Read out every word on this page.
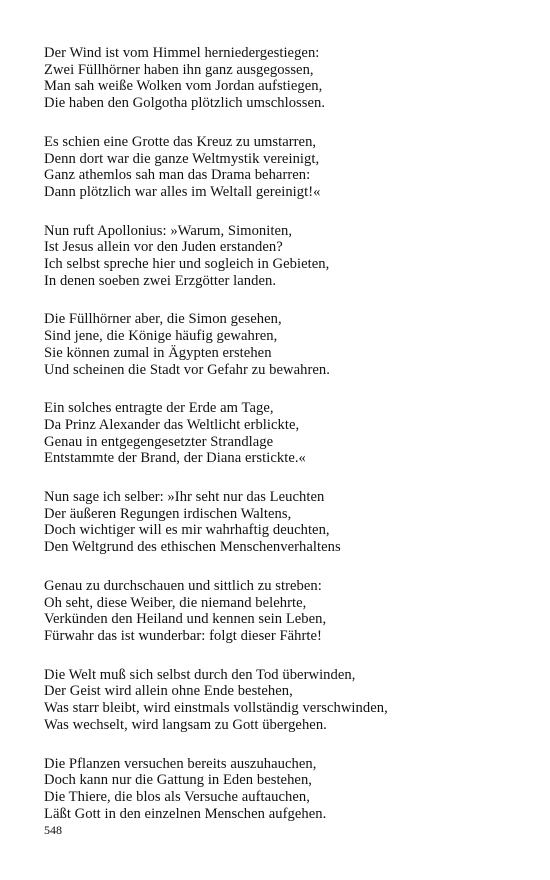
Der Wind ist vom Himmel herniedergestiegen:
Zwei Füllhörner haben ihn ganz ausgegossen,
Man sah weiße Wolken vom Jordan aufstiegen,
Die haben den Golgotha plötzlich umschlossen.
Es schien eine Grotte das Kreuz zu umstarren,
Denn dort war die ganze Weltmystik vereinigt,
Ganz athemlos sah man das Drama beharren:
Dann plötzlich war alles im Weltall gereinigt!«
Nun ruft Apollonius: »Warum, Simoniten,
Ist Jesus allein vor den Juden erstanden?
Ich selbst spreche hier und sogleich in Gebieten,
In denen soeben zwei Erzgötter landen.
Die Füllhörner aber, die Simon gesehen,
Sind jene, die Könige häufig gewahren,
Sie können zumal in Ägypten erstehen
Und scheinen die Stadt vor Gefahr zu bewahren.
Ein solches entragte der Erde am Tage,
Da Prinz Alexander das Weltlicht erblickte,
Genau in entgegengesetzter Strandlage
Entstammte der Brand, der Diana erstickte.«
Nun sage ich selber: »Ihr seht nur das Leuchten
Der äußeren Regungen irdischen Waltens,
Doch wichtiger will es mir wahrhaftig deuchten,
Den Weltgrund des ethischen Menschenverhaltens
Genau zu durchschauen und sittlich zu streben:
Oh seht, diese Weiber, die niemand belehrte,
Verkünden den Heiland und kennen sein Leben,
Fürwahr das ist wunderbar: folgt dieser Fährte!
Die Welt muß sich selbst durch den Tod überwinden,
Der Geist wird allein ohne Ende bestehen,
Was starr bleibt, wird einstmals vollständig verschwinden,
Was wechselt, wird langsam zu Gott übergehen.
Die Pflanzen versuchen bereits auszuhauchen,
Doch kann nur die Gattung in Eden bestehen,
Die Thiere, die blos als Versuche auftauchen,
Läßt Gott in den einzelnen Menschen aufgehen.
548
